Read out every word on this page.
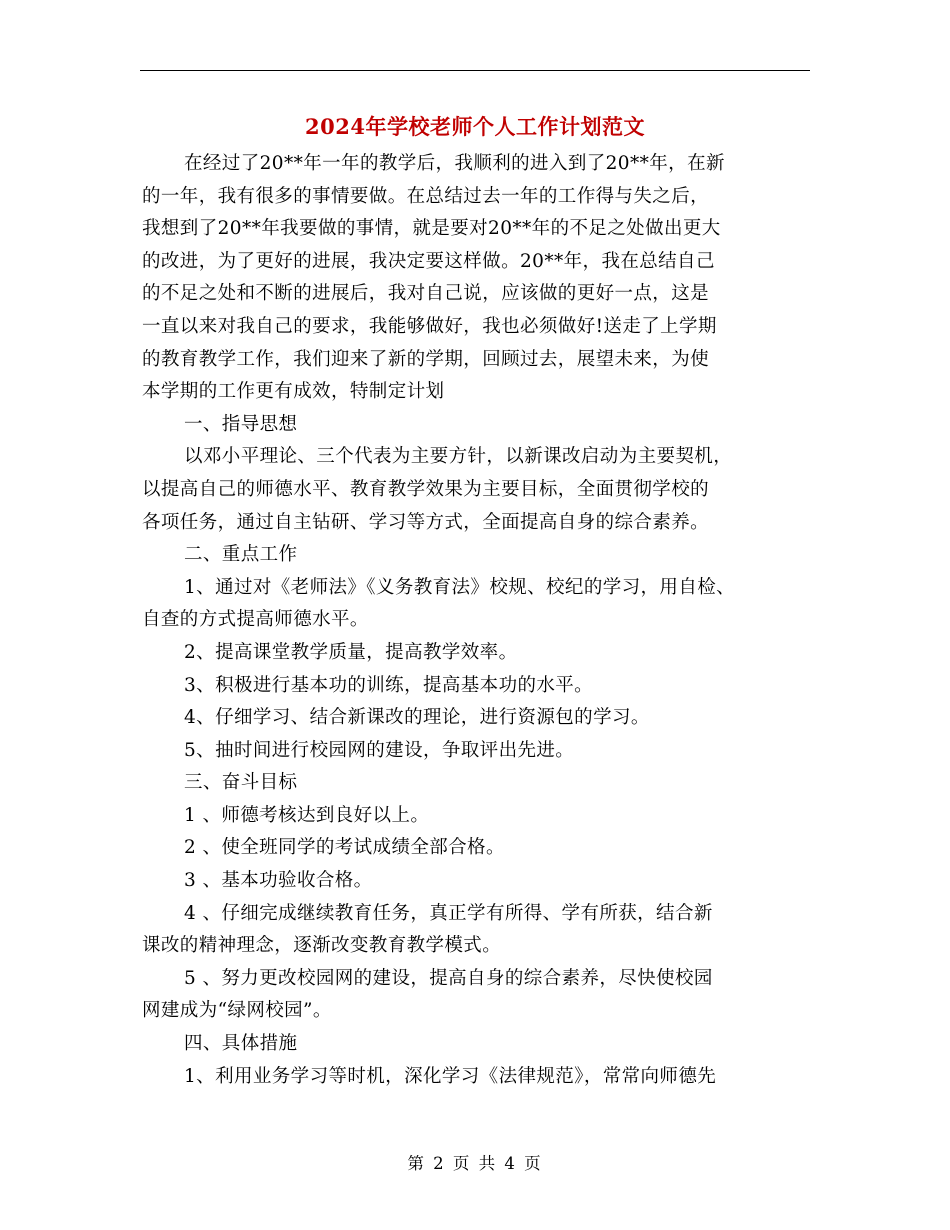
2024年学校老师个人工作计划范文
在经过了20**年一年的教学后，我顺利的进入到了20**年，在新
的一年，我有很多的事情要做。在总结过去一年的工作得与失之后，
我想到了20**年我要做的事情，就是要对20**年的不足之处做出更大
的改进，为了更好的进展，我决定要这样做。20**年，我在总结自己
的不足之处和不断的进展后，我对自己说，应该做的更好一点，这是
一直以来对我自己的要求，我能够做好，我也必须做好!送走了上学期
的教育教学工作，我们迎来了新的学期，回顾过去，展望未来，为使
本学期的工作更有成效，特制定计划
一、指导思想
以邓小平理论、三个代表为主要方针，以新课改启动为主要契机，
以提高自己的师德水平、教育教学效果为主要目标，全面贯彻学校的
各项任务，通过自主钻研、学习等方式，全面提高自身的综合素养。
二、重点工作
1、通过对《老师法》《义务教育法》校规、校纪的学习，用自检、
自查的方式提高师德水平。
2、提高课堂教学质量，提高教学效率。
3、积极进行基本功的训练，提高基本功的水平。
4、仔细学习、结合新课改的理论，进行资源包的学习。
5、抽时间进行校园网的建设，争取评出先进。
三、奋斗目标
1 、师德考核达到良好以上。
2 、使全班同学的考试成绩全部合格。
3 、基本功验收合格。
4 、仔细完成继续教育任务，真正学有所得、学有所获，结合新
课改的精神理念，逐渐改变教育教学模式。
5 、努力更改校园网的建设，提高自身的综合素养，尽快使校园
网建成为“绿网校园”。
四、具体措施
1、利用业务学习等时机，深化学习《法律规范》，常常向师德先
第 2 页 共 4 页
